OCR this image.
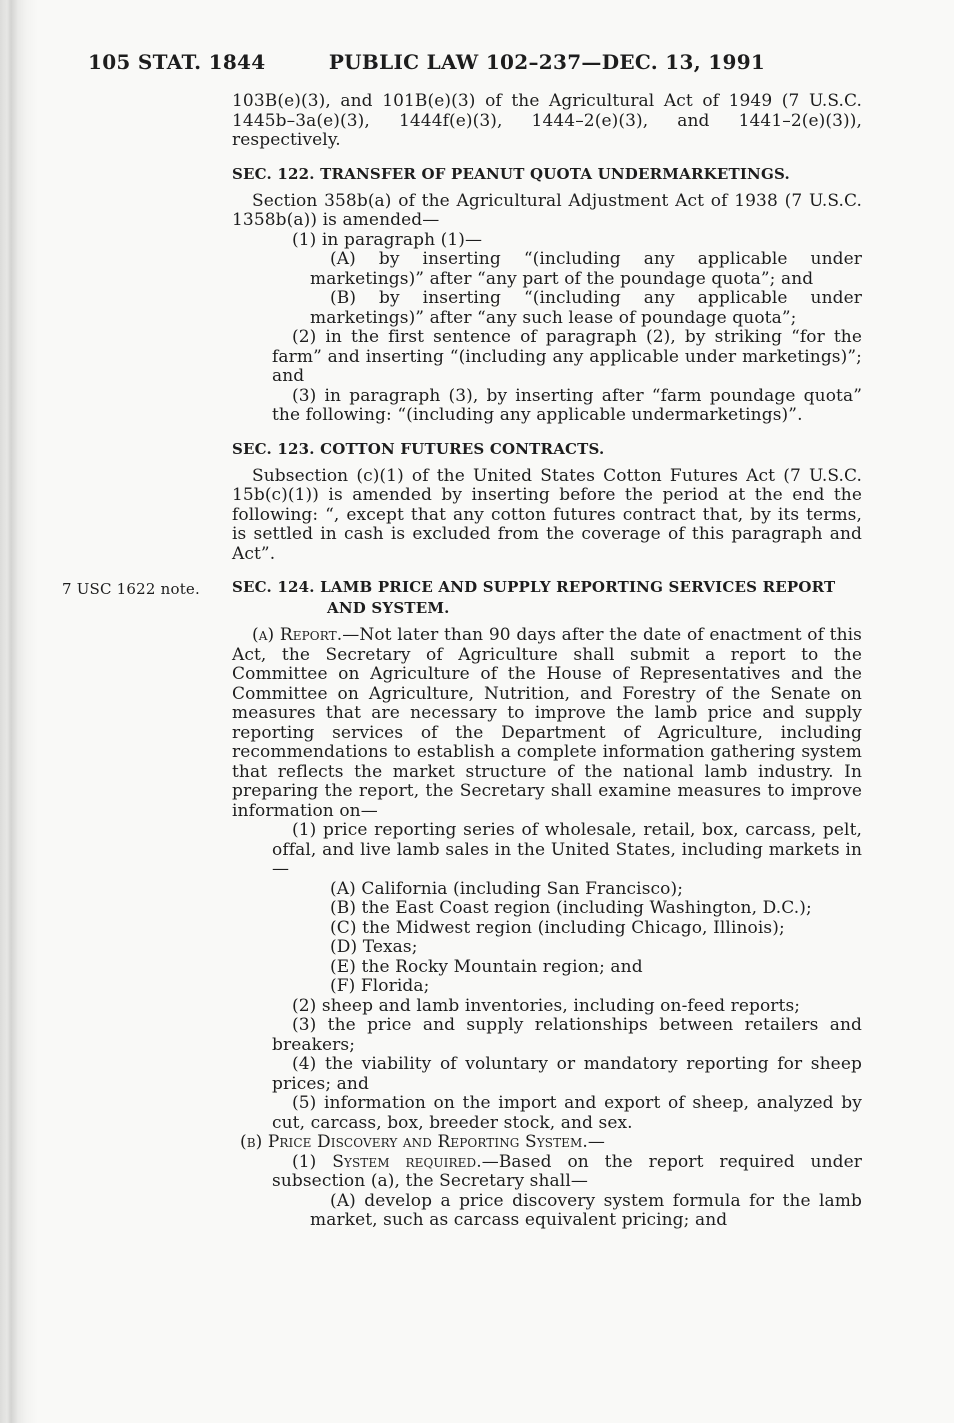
105 STAT. 1844	PUBLIC LAW 102–237—DEC. 13, 1991
7 USC 1622 note.
103B(e)(3), and 101B(e)(3) of the Agricultural Act of 1949 (7 U.S.C. 1445b–3a(e)(3), 1444f(e)(3), 1444–2(e)(3), and 1441–2(e)(3)), respectively.
SEC. 122. TRANSFER OF PEANUT QUOTA UNDERMARKETINGS.
Section 358b(a) of the Agricultural Adjustment Act of 1938 (7 U.S.C. 1358b(a)) is amended—
(1) in paragraph (1)—
(A) by inserting “(including any applicable under marketings)” after “any part of the poundage quota”; and
(B) by inserting “(including any applicable under marketings)” after “any such lease of poundage quota”;
(2) in the first sentence of paragraph (2), by striking “for the farm” and inserting “(including any applicable under marketings)”; and
(3) in paragraph (3), by inserting after “farm poundage quota” the following: “(including any applicable undermarketings)”.
SEC. 123. COTTON FUTURES CONTRACTS.
Subsection (c)(1) of the United States Cotton Futures Act (7 U.S.C. 15b(c)(1)) is amended by inserting before the period at the end the following: “, except that any cotton futures contract that, by its terms, is settled in cash is excluded from the coverage of this paragraph and Act”.
SEC. 124. LAMB PRICE AND SUPPLY REPORTING SERVICES REPORT AND SYSTEM.
(a) Report.—Not later than 90 days after the date of enactment of this Act, the Secretary of Agriculture shall submit a report to the Committee on Agriculture of the House of Representatives and the Committee on Agriculture, Nutrition, and Forestry of the Senate on measures that are necessary to improve the lamb price and supply reporting services of the Department of Agriculture, including recommendations to establish a complete information gathering system that reflects the market structure of the national lamb industry. In preparing the report, the Secretary shall examine measures to improve information on—
(1) price reporting series of wholesale, retail, box, carcass, pelt, offal, and live lamb sales in the United States, including markets in—
(A) California (including San Francisco);
(B) the East Coast region (including Washington, D.C.);
(C) the Midwest region (including Chicago, Illinois);
(D) Texas;
(E) the Rocky Mountain region; and
(F) Florida;
(2) sheep and lamb inventories, including on-feed reports;
(3) the price and supply relationships between retailers and breakers;
(4) the viability of voluntary or mandatory reporting for sheep prices; and
(5) information on the import and export of sheep, analyzed by cut, carcass, box, breeder stock, and sex.
(b) Price Discovery and Reporting System.—
(1) System required.—Based on the report required under subsection (a), the Secretary shall—
(A) develop a price discovery system formula for the lamb market, such as carcass equivalent pricing; and
